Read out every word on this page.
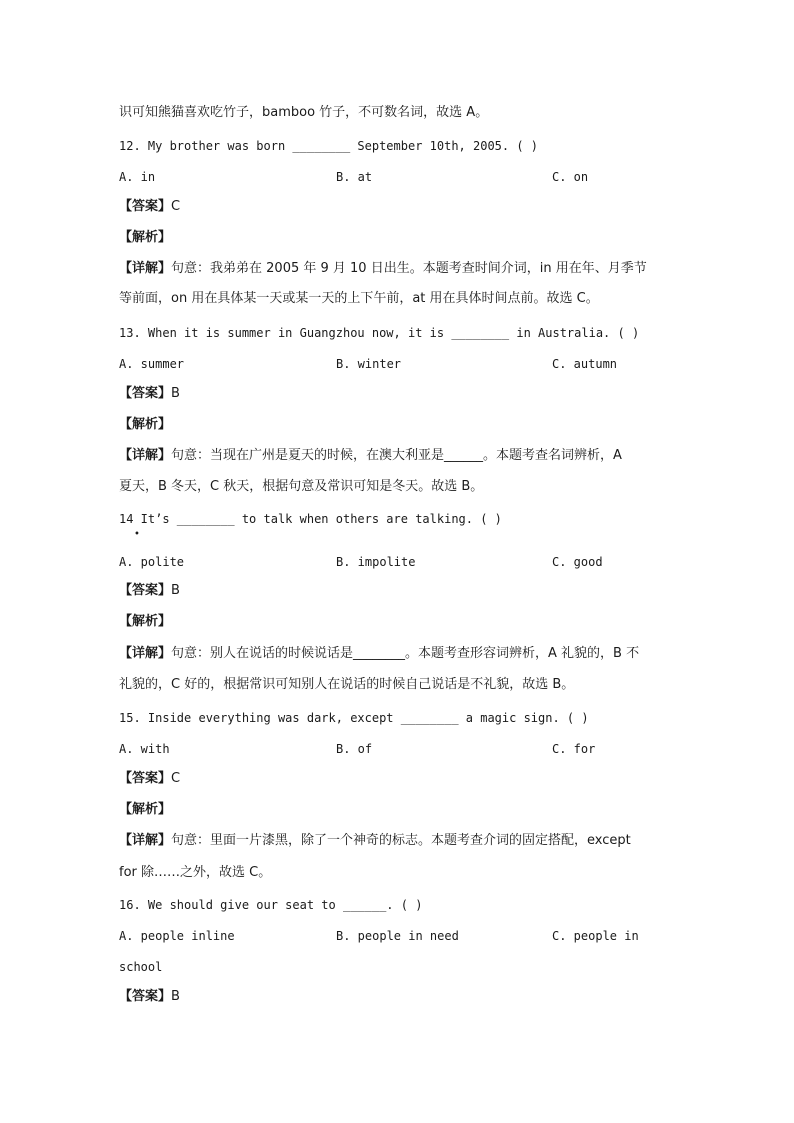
识可知熊猫喜欢吃竹子，bamboo 竹子，不可数名词，故选 A。
12. My brother was born ________ September 10th, 2005. ( )
A. in	B. at	C. on
【答案】C
【解析】
【详解】句意：我弟弟在 2005 年 9 月 10 日出生。本题考查时间介词，in 用在年、月季节
等前面，on 用在具体某一天或某一天的上下午前，at 用在具体时间点前。故选 C。
13. When it is summer in Guangzhou now, it is ________ in Australia. ( )
A. summer	B. winter	C. autumn
【答案】B
【解析】
【详解】句意：当现在广州是夏天的时候，在澳大利亚是______。本题考查名词辨析，A
夏天，B 冬天，C 秋天，根据句意及常识可知是冬天。故选 B。
14 It’s ________ to talk when others are talking. ( )
•
A. polite	B. impolite	C. good
【答案】B
【解析】
【详解】句意：别人在说话的时候说话是________。本题考查形容词辨析，A 礼貌的，B 不
礼貌的，C 好的，根据常识可知别人在说话的时候自己说话是不礼貌，故选 B。
15. Inside everything was dark, except ________ a magic sign. ( )
A. with	B. of	C. for
【答案】C
【解析】
【详解】句意：里面一片漆黑，除了一个神奇的标志。本题考查介词的固定搭配，except
for 除……之外，故选 C。
16. We should give our seat to ______. ( )
A. people inline	B. people in need	C. people in
school
【答案】B
